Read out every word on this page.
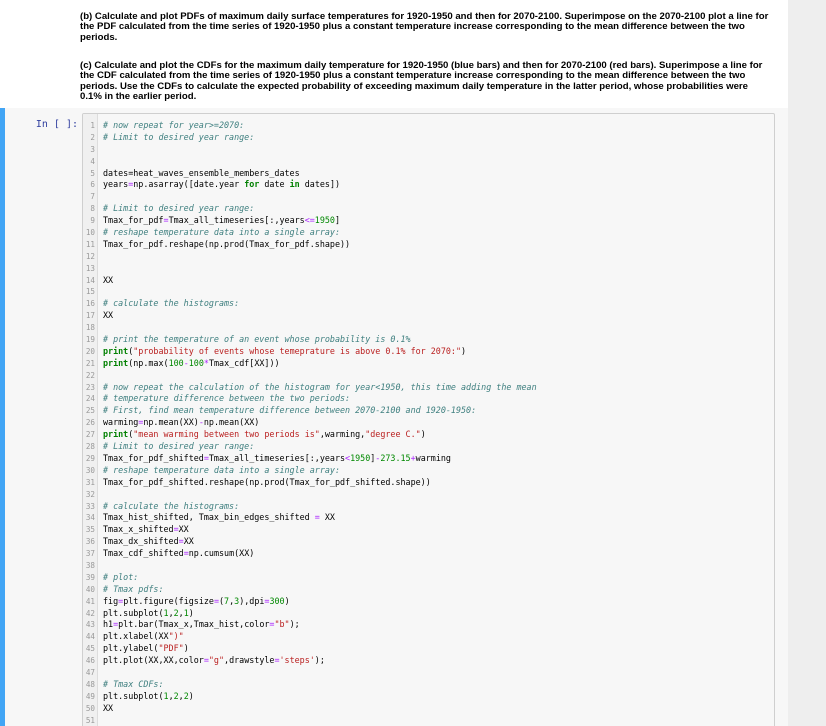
(b) Calculate and plot PDFs of maximum daily surface temperatures for 1920-1950 and then for 2070-2100. Superimpose on the 2070-2100 plot a line for the PDF calculated from the time series of 1920-1950 plus a constant temperature increase corresponding to the mean difference between the two periods.
(c) Calculate and plot the CDFs for the maximum daily temperature for 1920-1950 (blue bars) and then for 2070-2100 (red bars). Superimpose a line for the CDF calculated from the time series of 1920-1950 plus a constant temperature increase corresponding to the mean difference between the two periods. Use the CDFs to calculate the expected probability of exceeding maximum daily temperature in the latter period, whose probabilities were 0.1% in the earlier period.
In [ ]:	1 # now repeat for year>=2070:
2 # Limit to desired year range:
3
4
5 dates=heat_waves_ensemble_members_dates
6 years=np.asarray([date.year for date in dates])
7
8 # Limit to desired year range:
9 Tmax_for_pdf=Tmax_all_timeseries[:,years<=1950]
10 # reshape temperature data into a single array:
11 Tmax_for_pdf.reshape(np.prod(Tmax_for_pdf.shape))
12
13
14 XX
15
16 # calculate the histograms:
17 XX
18
19 # print the temperature of an event whose probability is 0.1%
20 print("probability of events whose temeprature is above 0.1% for 2070:")
21 print(np.max(100-100*Tmax_cdf[XX]))
22
23 # now repeat the calculation of the histogram for year<1950, this time adding the mean
24 # temperature difference between the two periods:
25 # First, find mean temperature difference between 2070-2100 and 1920-1950:
26 warming=np.mean(XX)-np.mean(XX)
27 print("mean warming between two periods is",warming,"degree C.")
28 # Limit to desired year range:
29 Tmax_for_pdf_shifted=Tmax_all_timeseries[:,years<1950]-273.15+warming
30 # reshape temperature data into a single array:
31 Tmax_for_pdf_shifted.reshape(np.prod(Tmax_for_pdf_shifted.shape))
32
33 # calculate the histograms:
34 Tmax_hist_shifted, Tmax_bin_edges_shifted = XX
35 Tmax_x_shifted=XX
36 Tmax_dx_shifted=XX
37 Tmax_cdf_shifted=np.cumsum(XX)
38
39 # plot:
40 # Tmax pdfs:
41 fig=plt.figure(figsize=(7,3),dpi=300)
42 plt.subplot(1,2,1)
43 h1=plt.bar(Tmax_x,Tmax_hist,color="b");
44 plt.xlabel(XX")"
45 plt.ylabel("PDF")
46 plt.plot(XX,XX,color="g",drawstyle='steps');
47
48 # Tmax CDFs:
49 plt.subplot(1,2,2)
50 XX
51
